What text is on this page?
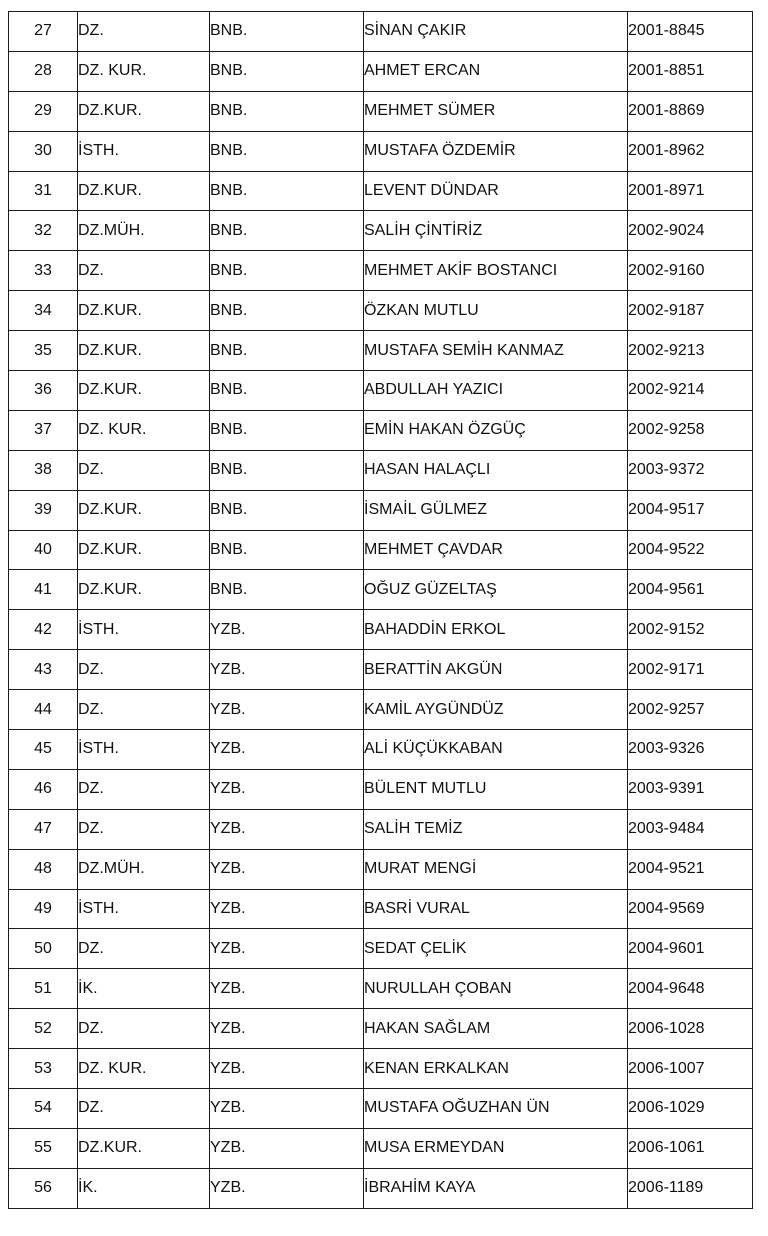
27	DZ.	BNB.	SİNAN ÇAKIR	2001-8845
28	DZ. KUR.	BNB.	AHMET ERCAN	2001-8851
29	DZ.KUR.	BNB.	MEHMET SÜMER	2001-8869
30	İSTH.	BNB.	MUSTAFA ÖZDEMİR	2001-8962
31	DZ.KUR.	BNB.	LEVENT DÜNDAR	2001-8971
32	DZ.MÜH.	BNB.	SALİH ÇİNTİRİZ	2002-9024
33	DZ.	BNB.	MEHMET AKİF BOSTANCI	2002-9160
34	DZ.KUR.	BNB.	ÖZKAN MUTLU	2002-9187
35	DZ.KUR.	BNB.	MUSTAFA SEMİH KANMAZ	2002-9213
36	DZ.KUR.	BNB.	ABDULLAH YAZICI	2002-9214
37	DZ. KUR.	BNB.	EMİN HAKAN ÖZGÜÇ	2002-9258
38	DZ.	BNB.	HASAN HALAÇLI	2003-9372
39	DZ.KUR.	BNB.	İSMAİL GÜLMEZ	2004-9517
40	DZ.KUR.	BNB.	MEHMET ÇAVDAR	2004-9522
41	DZ.KUR.	BNB.	OĞUZ GÜZELTAŞ	2004-9561
42	İSTH.	YZB.	BAHADDİN ERKOL	2002-9152
43	DZ.	YZB.	BERATTİN AKGÜN	2002-9171
44	DZ.	YZB.	KAMİL AYGÜNDÜZ	2002-9257
45	İSTH.	YZB.	ALİ KÜÇÜKKABAN	2003-9326
46	DZ.	YZB.	BÜLENT MUTLU	2003-9391
47	DZ.	YZB.	SALİH TEMİZ	2003-9484
48	DZ.MÜH.	YZB.	MURAT MENGİ	2004-9521
49	İSTH.	YZB.	BASRİ VURAL	2004-9569
50	DZ.	YZB.	SEDAT ÇELİK	2004-9601
51	İK.	YZB.	NURULLAH ÇOBAN	2004-9648
52	DZ.	YZB.	HAKAN SAĞLAM	2006-1028
53	DZ. KUR.	YZB.	KENAN ERKALKAN	2006-1007
54	DZ.	YZB.	MUSTAFA OĞUZHAN ÜN	2006-1029
55	DZ.KUR.	YZB.	MUSA ERMEYDAN	2006-1061
56	İK.	YZB.	İBRAHİM KAYA	2006-1189
